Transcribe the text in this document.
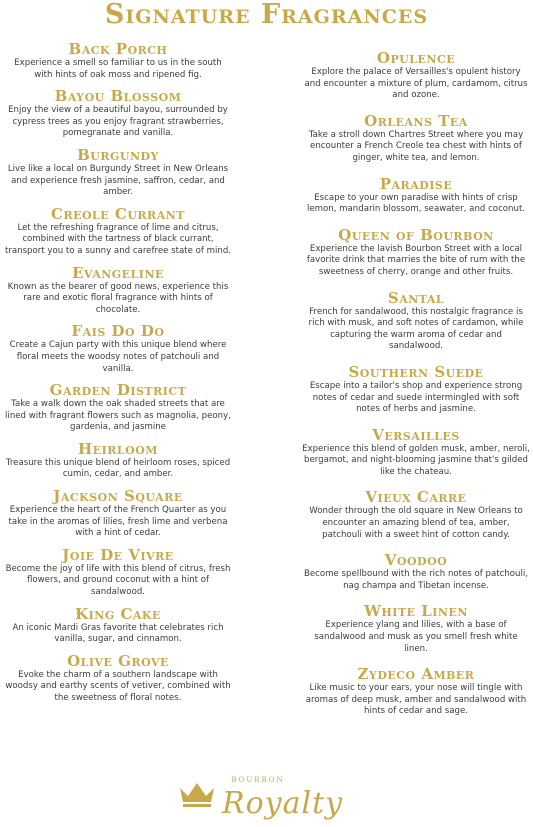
Signature Fragrances
Back Porch
Experience a smell so familiar to us in the south with hints of oak moss and ripened fig.
Bayou Blossom
Enjoy the view of a beautiful bayou, surrounded by cypress trees as you enjoy fragrant strawberries, pomegranate and vanilla.
Burgundy
Live like a local on Burgundy Street in New Orleans and experience fresh jasmine, saffron, cedar, and amber.
Creole Currant
Let the refreshing fragrance of lime and citrus, combined with the tartness of black currant, transport you to a sunny and carefree state of mind.
Evangeline
Known as the bearer of good news, experience this rare and exotic floral fragrance with hints of chocolate.
Fais Do Do
Create a Cajun party with this unique blend where floral meets the woodsy notes of patchouli and vanilla.
Garden District
Take a walk down the oak shaded streets that are lined with fragrant flowers such as magnolia, peony, gardenia, and jasmine
Heirloom
Treasure this unique blend of heirloom roses, spiced cumin, cedar, and amber.
Jackson Square
Experience the heart of the French Quarter as you take in the aromas of lilies, fresh lime and verbena with a hint of cedar.
Joie De Vivre
Become the joy of life with this blend of citrus, fresh flowers, and ground coconut with a hint of sandalwood.
King Cake
An iconic Mardi Gras favorite that celebrates rich vanilla, sugar, and cinnamon.
Olive Grove
Evoke the charm of a southern landscape with woodsy and earthy scents of vetiver, combined with the sweetness of floral notes.
Opulence
Explore the palace of Versailles's opulent history and encounter a mixture of plum, cardamom, citrus and ozone.
Orleans Tea
Take a stroll down Chartres Street where you may encounter a French Creole tea chest with hints of ginger, white tea, and lemon.
Paradise
Escape to your own paradise with hints of crisp lemon, mandarin blossom, seawater, and coconut.
Queen of Bourbon
Experience the lavish Bourbon Street with a local favorite drink that marries the bite of rum with the sweetness of cherry, orange and other fruits.
Santal
French for sandalwood, this nostalgic fragrance is rich with musk, and soft notes of cardamon, while capturing the warm aroma of cedar and sandalwood.
Southern Suede
Escape into a tailor's shop and experience strong notes of cedar and suede intermingled with soft notes of herbs and jasmine.
Versailles
Experience this blend of golden musk, amber, neroli, bergamot, and night-blooming jasmine that's gilded like the chateau.
Vieux Carre
Wonder through the old square in New Orleans to encounter an amazing blend of tea, amber, patchouli with a sweet hint of cotton candy.
Voodoo
Become spellbound with the rich notes of patchouli, nag champa and Tibetan incense.
White Linen
Experience ylang and lilies, with a base of sandalwood and musk as you smell fresh white linen.
Zydeco Amber
Like music to your ears, your nose will tingle with aromas of deep musk, amber and sandalwood with hints of cedar and sage.
BOURBON
Royalty
